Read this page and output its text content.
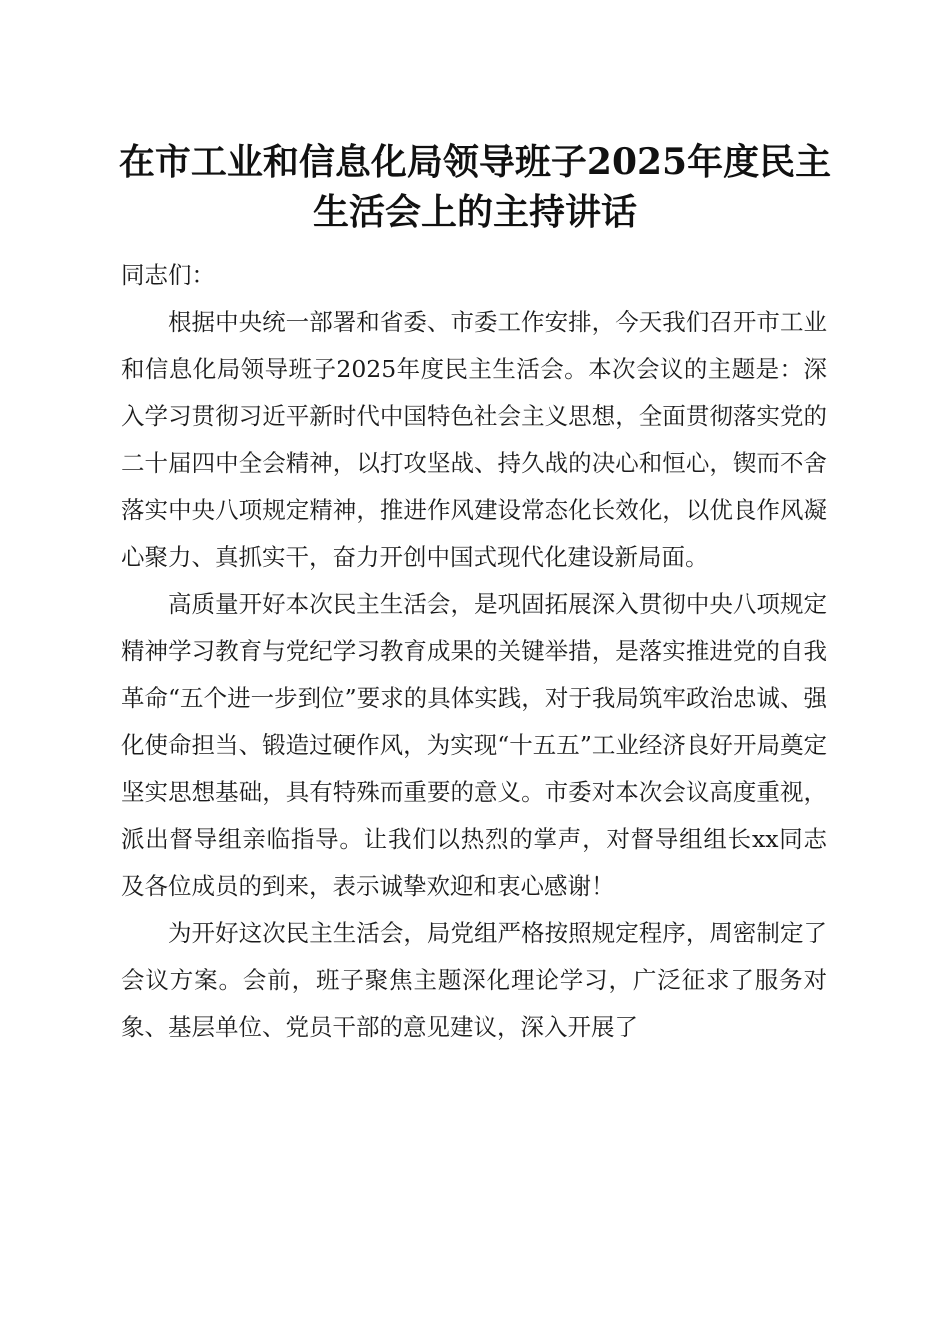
在市工业和信息化局领导班子2025年度民主
生活会上的主持讲话

同志们：

根据中央统一部署和省委、市委工作安排，今天我们召开市工业和信息化局领导班子2025年度民主生活会。本次会议的主题是：深入学习贯彻习近平新时代中国特色社会主义思想，全面贯彻落实党的二十届四中全会精神，以打攻坚战、持久战的决心和恒心，锲而不舍落实中央八项规定精神，推进作风建设常态化长效化，以优良作风凝心聚力、真抓实干，奋力开创中国式现代化建设新局面。

高质量开好本次民主生活会，是巩固拓展深入贯彻中央八项规定精神学习教育与党纪学习教育成果的关键举措，是落实推进党的自我革命“五个进一步到位”要求的具体实践，对于我局筑牢政治忠诚、强化使命担当、锻造过硬作风，为实现“十五五”工业经济良好开局奠定坚实思想基础，具有特殊而重要的意义。市委对本次会议高度重视，派出督导组亲临指导。让我们以热烈的掌声，对督导组组长xx同志及各位成员的到来，表示诚挚欢迎和衷心感谢！

为开好这次民主生活会，局党组严格按照规定程序，周密制定了会议方案。会前，班子聚焦主题深化理论学习，广泛征求了服务对象、基层单位、党员干部的意见建议，深入开展了
